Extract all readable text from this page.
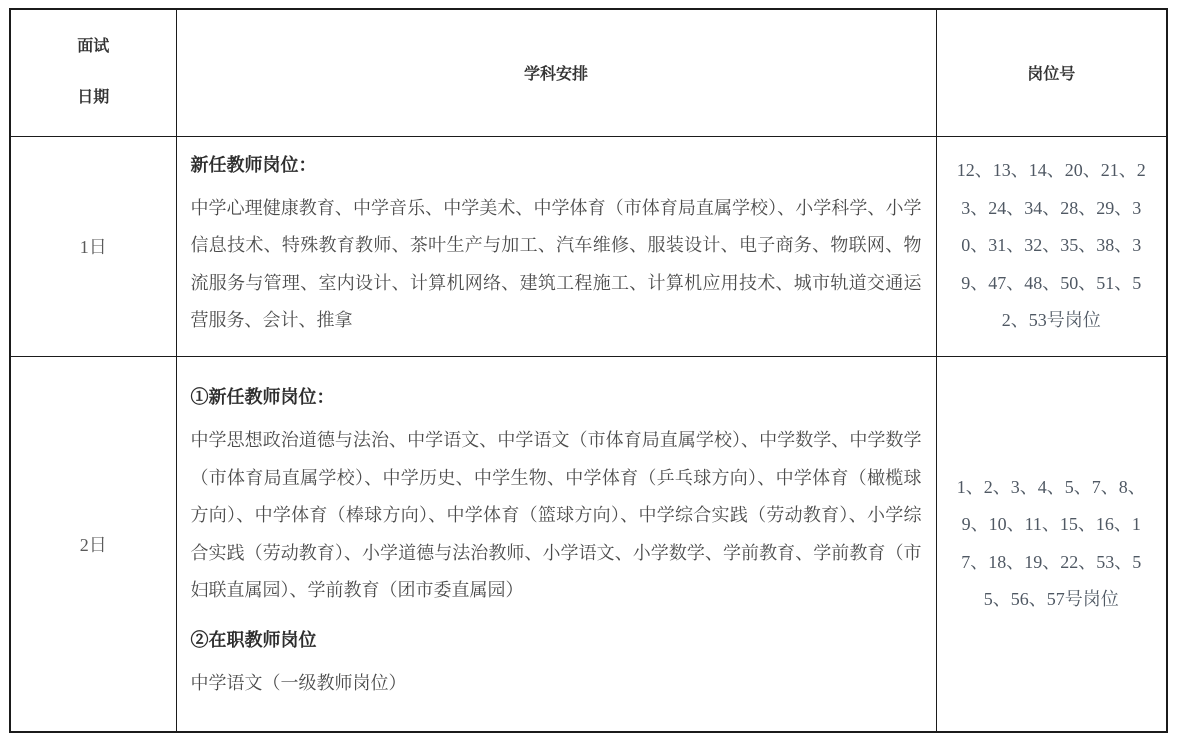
面试
日期	学科安排	岗位号
1日	新任教师岗位：
中学心理健康教育、中学音乐、中学美术、中学体育（市体育局直属学校）、小学科学、小学信息技术、特殊教育教师、茶叶生产与加工、汽车维修、服装设计、电子商务、物联网、物流服务与管理、室内设计、计算机网络、建筑工程施工、计算机应用技术、城市轨道交通运营服务、会计、推拿	12、13、14、20、21、23、24、34、28、29、30、31、32、35、38、39、47、48、50、51、52、53号岗位
2日	①新任教师岗位：
中学思想政治道德与法治、中学语文、中学语文（市体育局直属学校）、中学数学、中学数学（市体育局直属学校）、中学历史、中学生物、中学体育（乒乓球方向）、中学体育（橄榄球方向）、中学体育（棒球方向）、中学体育（篮球方向）、中学综合实践（劳动教育）、小学综合实践（劳动教育）、小学道德与法治教师、小学语文、小学数学、学前教育、学前教育（市妇联直属园）、学前教育（团市委直属园）
②在职教师岗位
中学语文（一级教师岗位）	1、2、3、4、5、7、8、9、10、11、15、16、17、18、19、22、53、55、56、57号岗位
